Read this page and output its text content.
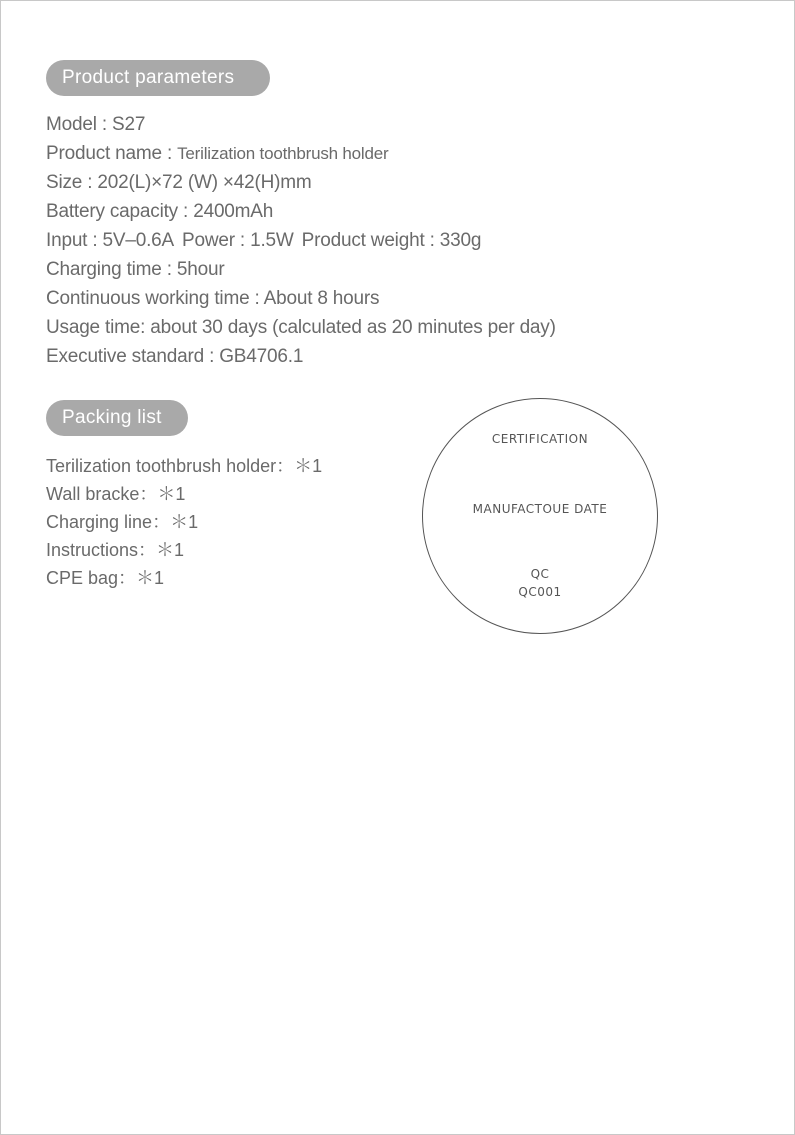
Product parameters
Model : S27
Product name : Terilization toothbrush holder
Size : 202(L)×72 (W) ×42(H)mm
Battery capacity : 2400mAh
Input : 5V–0.6A Power : 1.5W Product weight : 330g
Charging time : 5hour
Continuous working time : About 8 hours
Usage time: about 30 days (calculated as 20 minutes per day)
Executive standard : GB4706.1
Packing list
Terilization toothbrush holder：＊1
Wall bracke：＊1
Charging line：＊1
Instructions：＊1
CPE bag：＊1
CERTIFICATION
MANUFACTOUE DATE
QC
QC001
